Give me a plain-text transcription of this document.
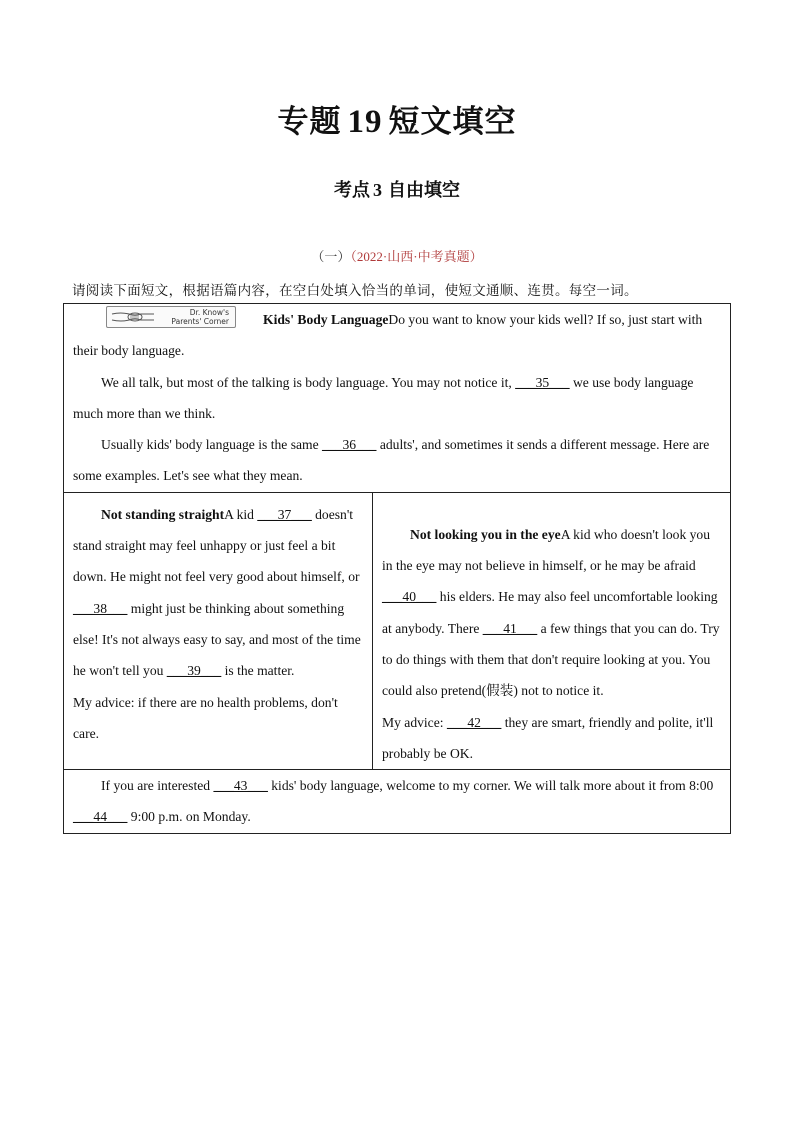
专题 19 短文填空
考点 3 自由填空
（一）（2022·山西·中考真题）
请阅读下面短文，根据语篇内容，在空白处填入恰当的单词，使短文通顺、连贯。每空一词。
Dr. Know's
Parents' Corner	Kids' Body LanguageDo you want to know your kids well? If so, just start with their body language.
We all talk, but most of the talking is body language. You may not notice it, ___35___ we use body language much more than we think.
Usually kids' body language is the same ___36___ adults', and sometimes it sends a different message. Here are some examples. Let's see what they mean.

Not standing straightA kid ___37___ doesn't stand straight may feel unhappy or just feel a bit down. He might not feel very good about himself, or ___38___ might just be thinking about something else! It's not always easy to say, and most of the time he won't tell you ___39___ is the matter.
My advice: if there are no health problems, don't care.

Not looking you in the eyeA kid who doesn't look you in the eye may not believe in himself, or he may be afraid ___40___ his elders. He may also feel uncomfortable looking at anybody. There ___41___ a few things that you can do. Try to do things with them that don't require looking at you. You could also pretend(假装) not to notice it.
My advice: ___42___ they are smart, friendly and polite, it'll probably be OK.

If you are interested ___43___ kids' body language, welcome to my corner. We will talk more about it from 8:00 ___44___ 9:00 p.m. on Monday.
